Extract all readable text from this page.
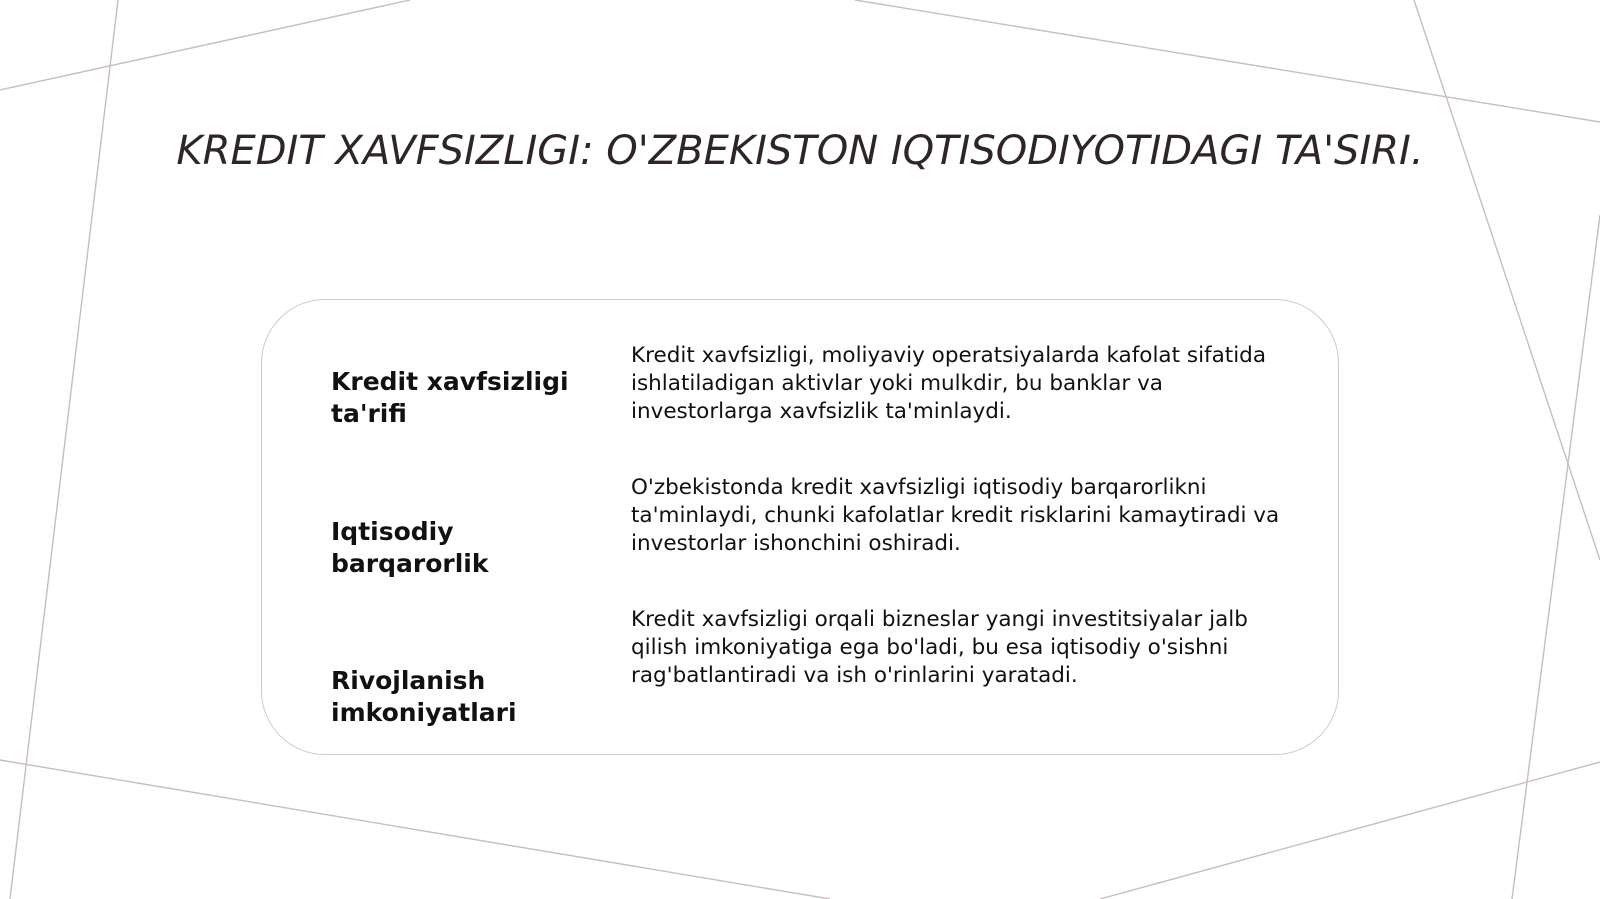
KREDIT XAVFSIZLIGI: O'ZBEKISTON IQTISODIYOTIDAGI TA'SIRI.
Kredit xavfsizligi ta'rifi
Kredit xavfsizligi, moliyaviy operatsiyalarda kafolat sifatida ishlatiladigan aktivlar yoki mulkdir, bu banklar va investorlarga xavfsizlik ta'minlaydi.
Iqtisodiy barqarorlik
O'zbekistonda kredit xavfsizligi iqtisodiy barqarorlikni ta'minlaydi, chunki kafolatlar kredit risklarini kamaytiradi va investorlar ishonchini oshiradi.
Rivojlanish imkoniyatlari
Kredit xavfsizligi orqali bizneslar yangi investitsiyalar jalb qilish imkoniyatiga ega bo'ladi, bu esa iqtisodiy o'sishni rag'batlantiradi va ish o'rinlarini yaratadi.
